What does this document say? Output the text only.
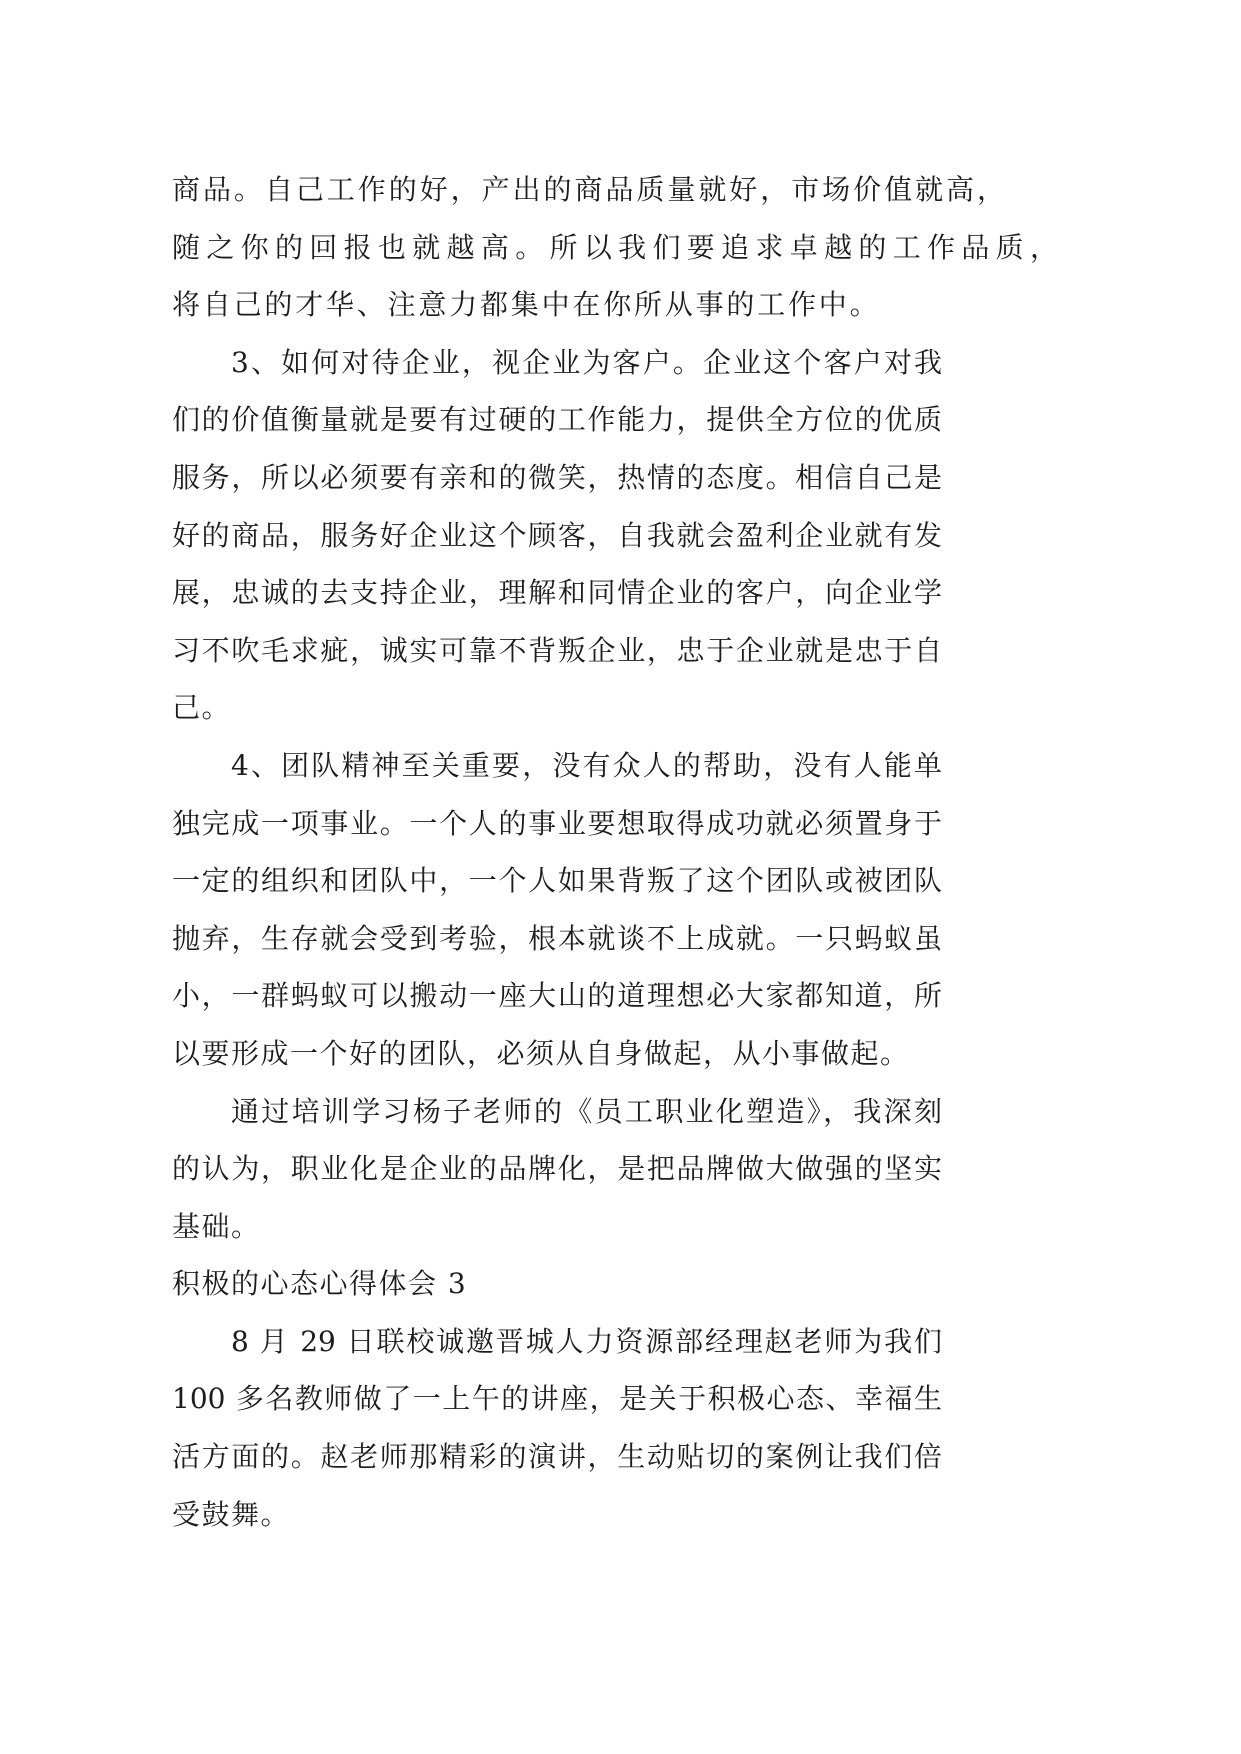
商品。自己工作的好，产出的商品质量就好，市场价值就高，
随之你的回报也就越高。所以我们要追求卓越的工作品质，
将自己的才华、注意力都集中在你所从事的工作中。
3、如何对待企业，视企业为客户。企业这个客户对我
们的价值衡量就是要有过硬的工作能力，提供全方位的优质
服务，所以必须要有亲和的微笑，热情的态度。相信自己是
好的商品，服务好企业这个顾客，自我就会盈利企业就有发
展，忠诚的去支持企业，理解和同情企业的客户，向企业学
习不吹毛求疵，诚实可靠不背叛企业，忠于企业就是忠于自
己。
4、团队精神至关重要，没有众人的帮助，没有人能单
独完成一项事业。一个人的事业要想取得成功就必须置身于
一定的组织和团队中，一个人如果背叛了这个团队或被团队
抛弃，生存就会受到考验，根本就谈不上成就。一只蚂蚁虽
小，一群蚂蚁可以搬动一座大山的道理想必大家都知道，所
以要形成一个好的团队，必须从自身做起，从小事做起。
通过培训学习杨子老师的《员工职业化塑造》，我深刻
的认为，职业化是企业的品牌化，是把品牌做大做强的坚实
基础。
积极的心态心得体会 3
8 月 29 日联校诚邀晋城人力资源部经理赵老师为我们
100 多名教师做了一上午的讲座，是关于积极心态、幸福生
活方面的。赵老师那精彩的演讲，生动贴切的案例让我们倍
受鼓舞。
